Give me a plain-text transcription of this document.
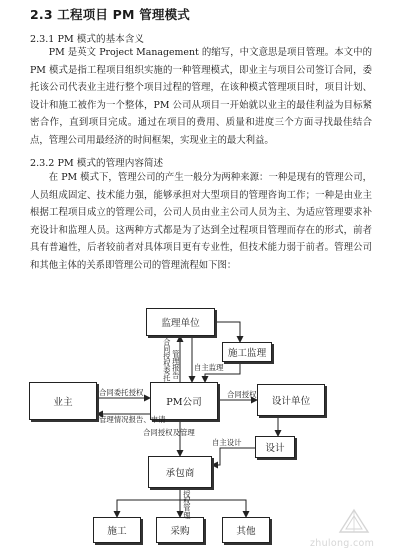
2.3 工程项目 PM 管理模式
2.3.1 PM 模式的基本含义

PM 是英文 Project Management 的缩写，中文意思是项目管理。本文中的 PM 模式是指工程项目组织实施的一种管理模式，即业主与项目公司签订合同，委托该公司代表业主进行整个项目过程的管理，在该种模式管理项目时，项目计划、设计和施工被作为一个整体，PM 公司从项目一开始就以业主的最佳利益为目标紧密合作，直到项目完成。通过在项目的费用、质量和进度三个方面寻找最佳结合点，管理公司用最经济的时间框架，实现业主的最大利益。

2.3.2 PM 模式的管理内容简述

在 PM 模式下，管理公司的产生一般分为两种来源：一种是现有的管理公司，人员组成固定、技术能力强，能够承担对大型项目的管理咨询工作；一种是由业主根据工程项目成立的管理公司，公司人员由业主公司人员为主、为适应管理要求补充设计和监理人员。这两种方式都是为了达到全过程项目管理而存在的形式，前者具有普遍性，后者较前者对具体项目更有专业性，但技术能力弱于前者。管理公司和其他主体的关系即管理公司的管理流程如下图：

监理单位
施工监理
业主	PM公司	设计单位
设计
承包商
施工	采购	其他
合同授权委托 管理报告 自主监理
合同委托授权
管理情况报告、申请
合同授权
合同授权及管理
自主设计
授权管理
zhulong.com
